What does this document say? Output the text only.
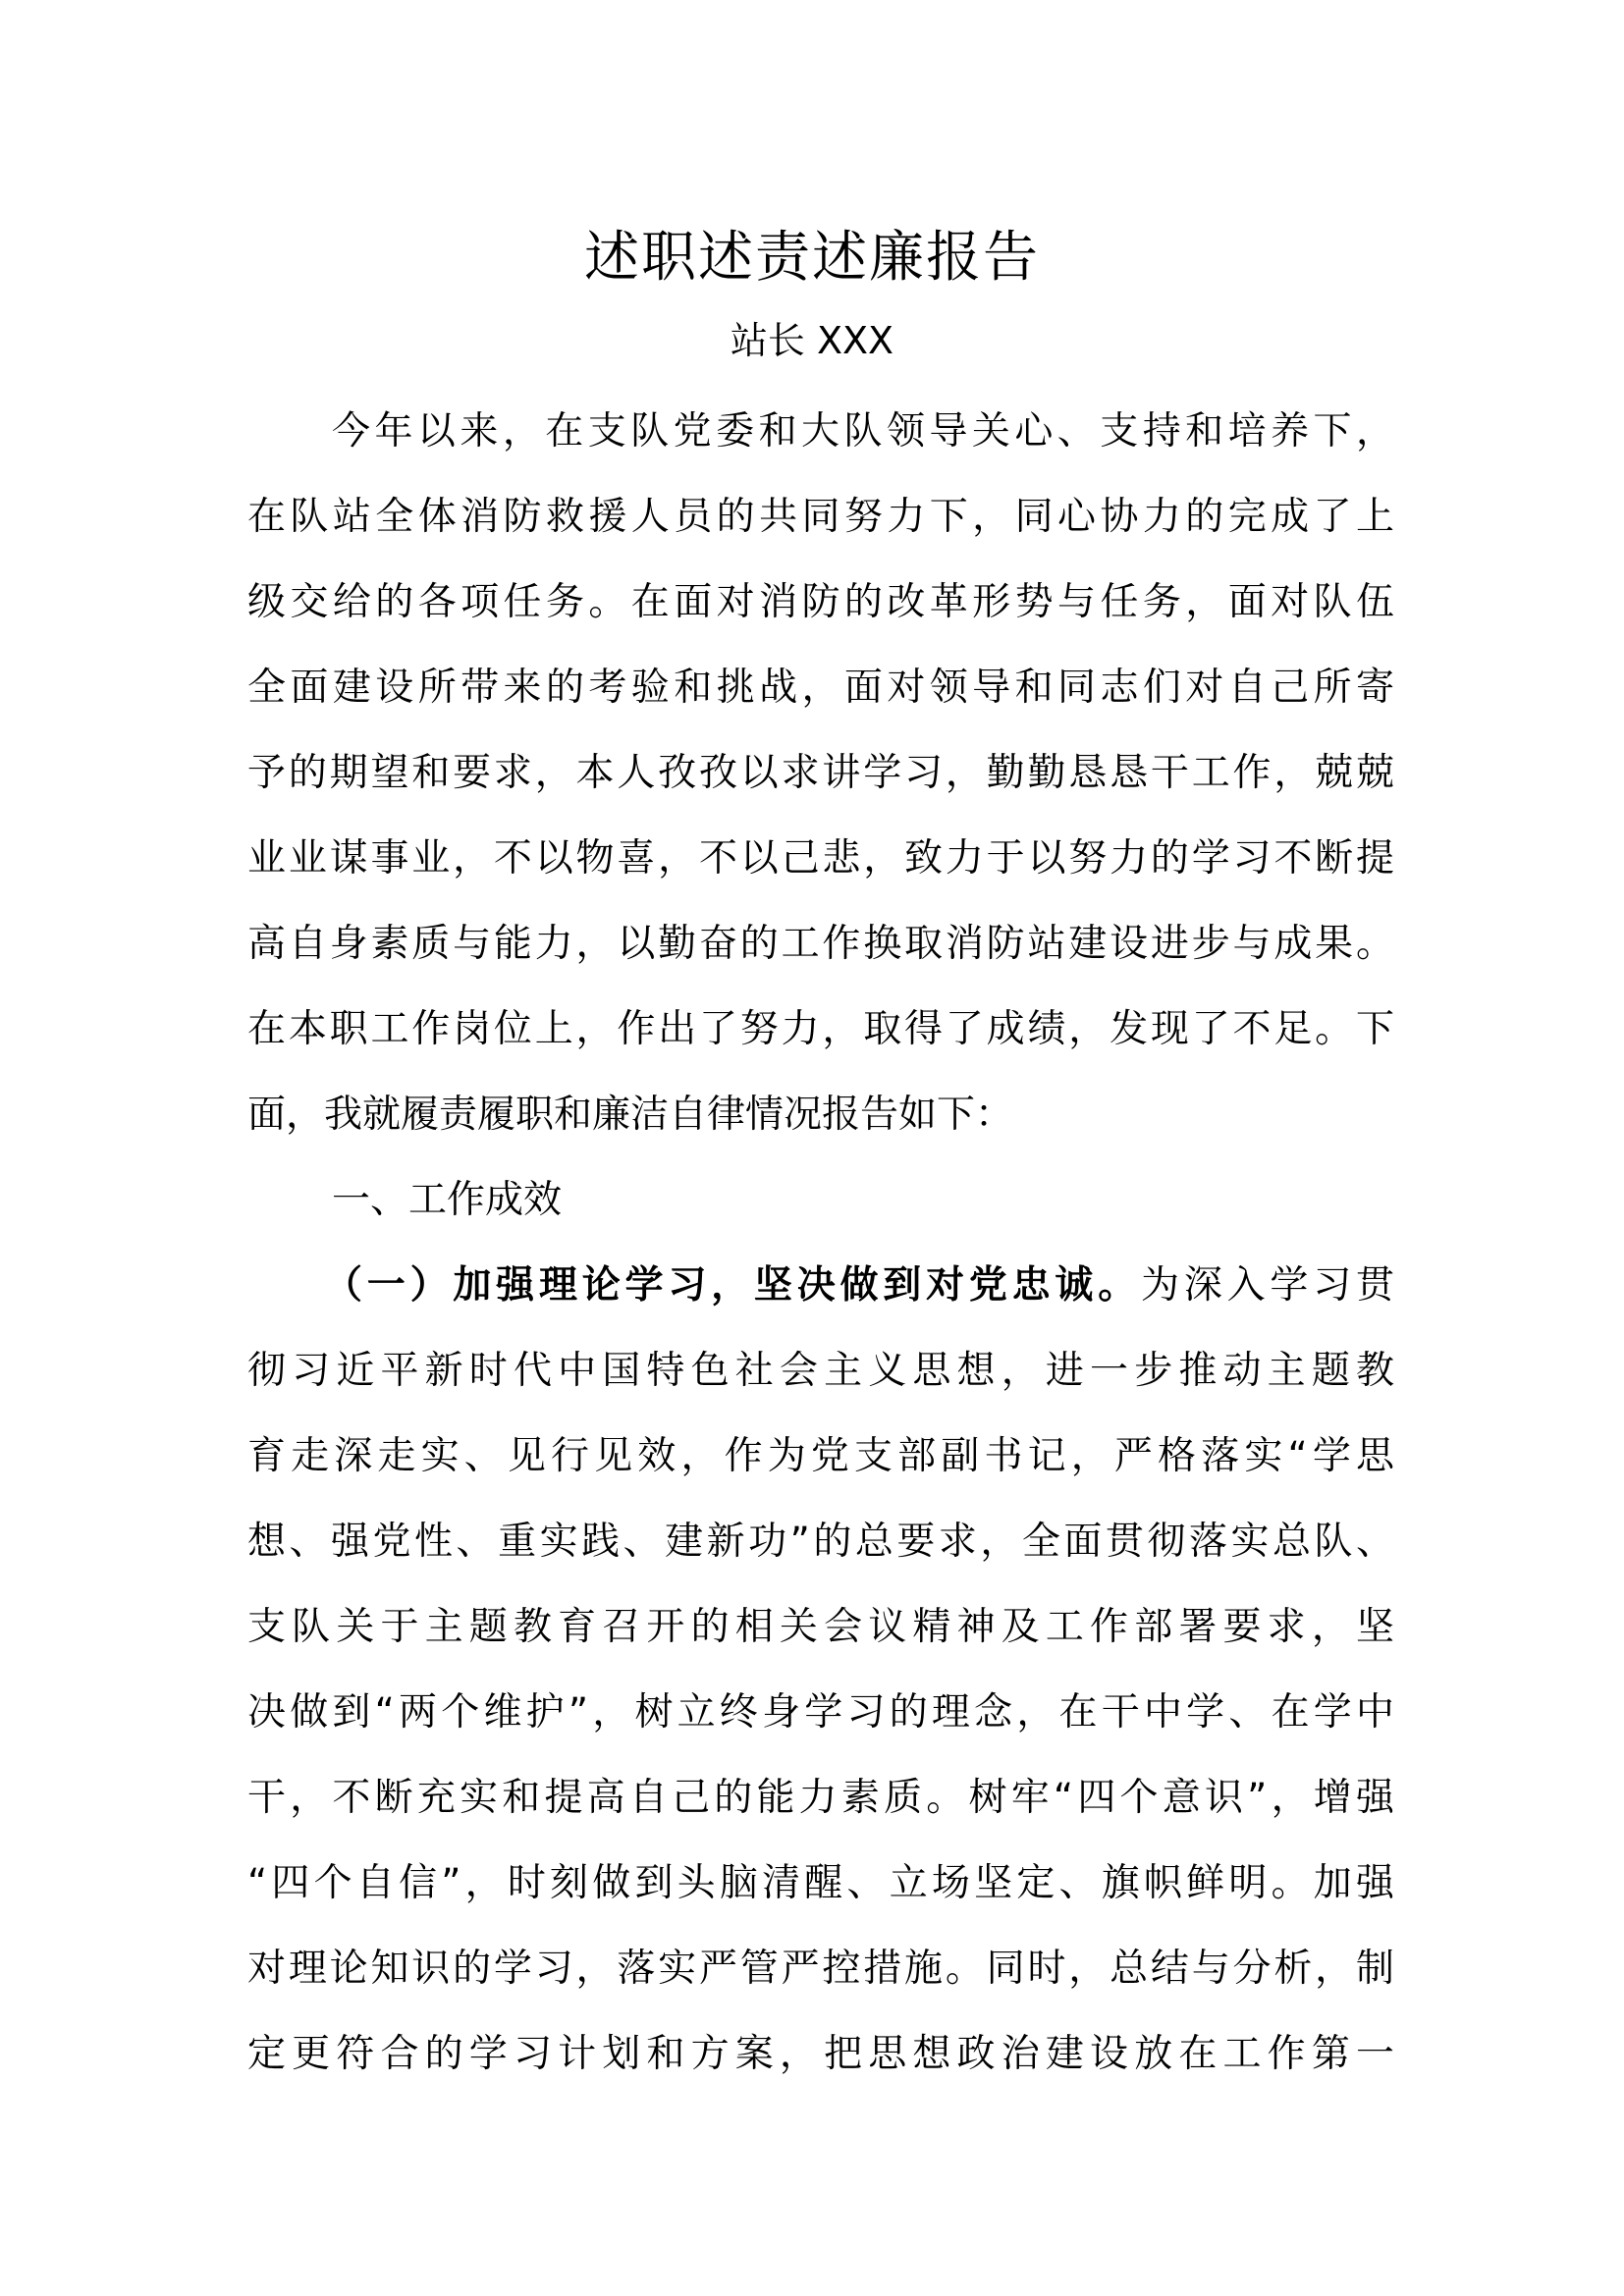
述职述责述廉报告
站长 XXX
今年以来，在支队党委和大队领导关心、支持和培养下，
在队站全体消防救援人员的共同努力下，同心协力的完成了上
级交给的各项任务。在面对消防的改革形势与任务，面对队伍
全面建设所带来的考验和挑战，面对领导和同志们对自己所寄
予的期望和要求，本人孜孜以求讲学习，勤勤恳恳干工作，兢兢
业业谋事业，不以物喜，不以己悲，致力于以努力的学习不断提
高自身素质与能力，以勤奋的工作换取消防站建设进步与成果。
在本职工作岗位上，作出了努力，取得了成绩，发现了不足。下
面，我就履责履职和廉洁自律情况报告如下：
一、工作成效
（一）加强理论学习，坚决做到对党忠诚。为深入学习贯
彻习近平新时代中国特色社会主义思想，进一步推动主题教
育走深走实、见行见效，作为党支部副书记，严格落实“学思
想、强党性、重实践、建新功”的总要求，全面贯彻落实总队、
支队关于主题教育召开的相关会议精神及工作部署要求，坚
决做到“两个维护”，树立终身学习的理念，在干中学、在学中
干，不断充实和提高自己的能力素质。树牢“四个意识”，增强
“四个自信”，时刻做到头脑清醒、立场坚定、旗帜鲜明。加强
对理论知识的学习，落实严管严控措施。同时，总结与分析，制
定更符合的学习计划和方案，把思想政治建设放在工作第一
